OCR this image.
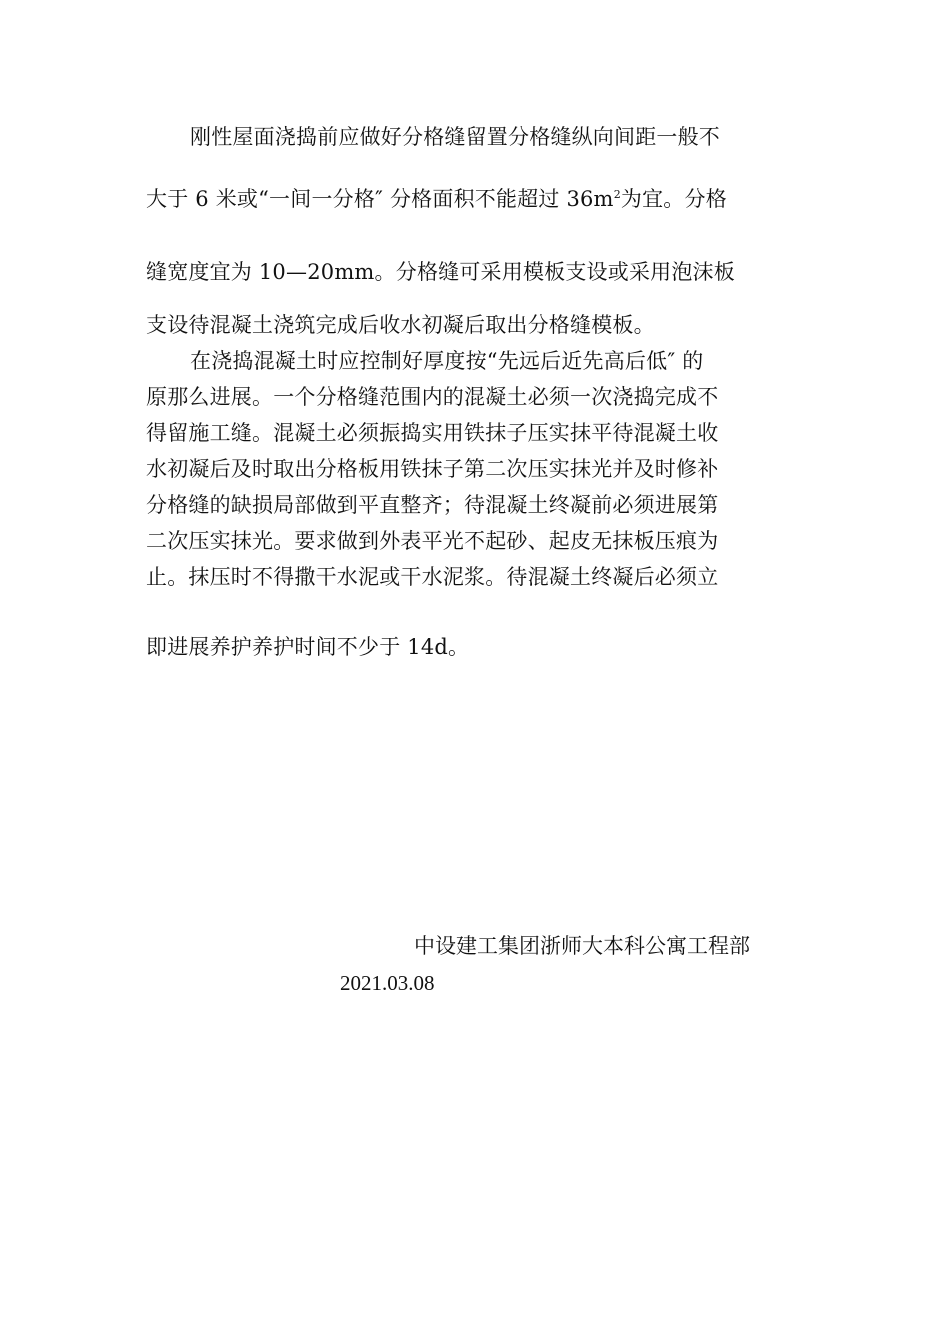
刚性屋面浇捣前应做好分格缝留置分格缝纵向间距一般不
大于 6 米或“一间一分格″ 分格面积不能超过 $36m^2$为宜。分格
缝宽度宜为 10—20mm。分格缝可采用模板支设或采用泡沫板
支设待混凝土浇筑完成后收水初凝后取出分格缝模板。
在浇捣混凝土时应控制好厚度按“先远后近先高后低″ 的
原那么进展。一个分格缝范围内的混凝土必须一次浇捣完成不
得留施工缝。混凝土必须振捣实用铁抹子压实抹平待混凝土收
水初凝后及时取出分格板用铁抹子第二次压实抹光并及时修补
分格缝的缺损局部做到平直整齐；待混凝土终凝前必须进展第
二次压实抹光。要求做到外表平光不起砂、起皮无抹板压痕为
止。抹压时不得撒干水泥或干水泥浆。待混凝土终凝后必须立
即进展养护养护时间不少于 14d。
中设建工集团浙师大本科公寓工程部
2021.03.08
